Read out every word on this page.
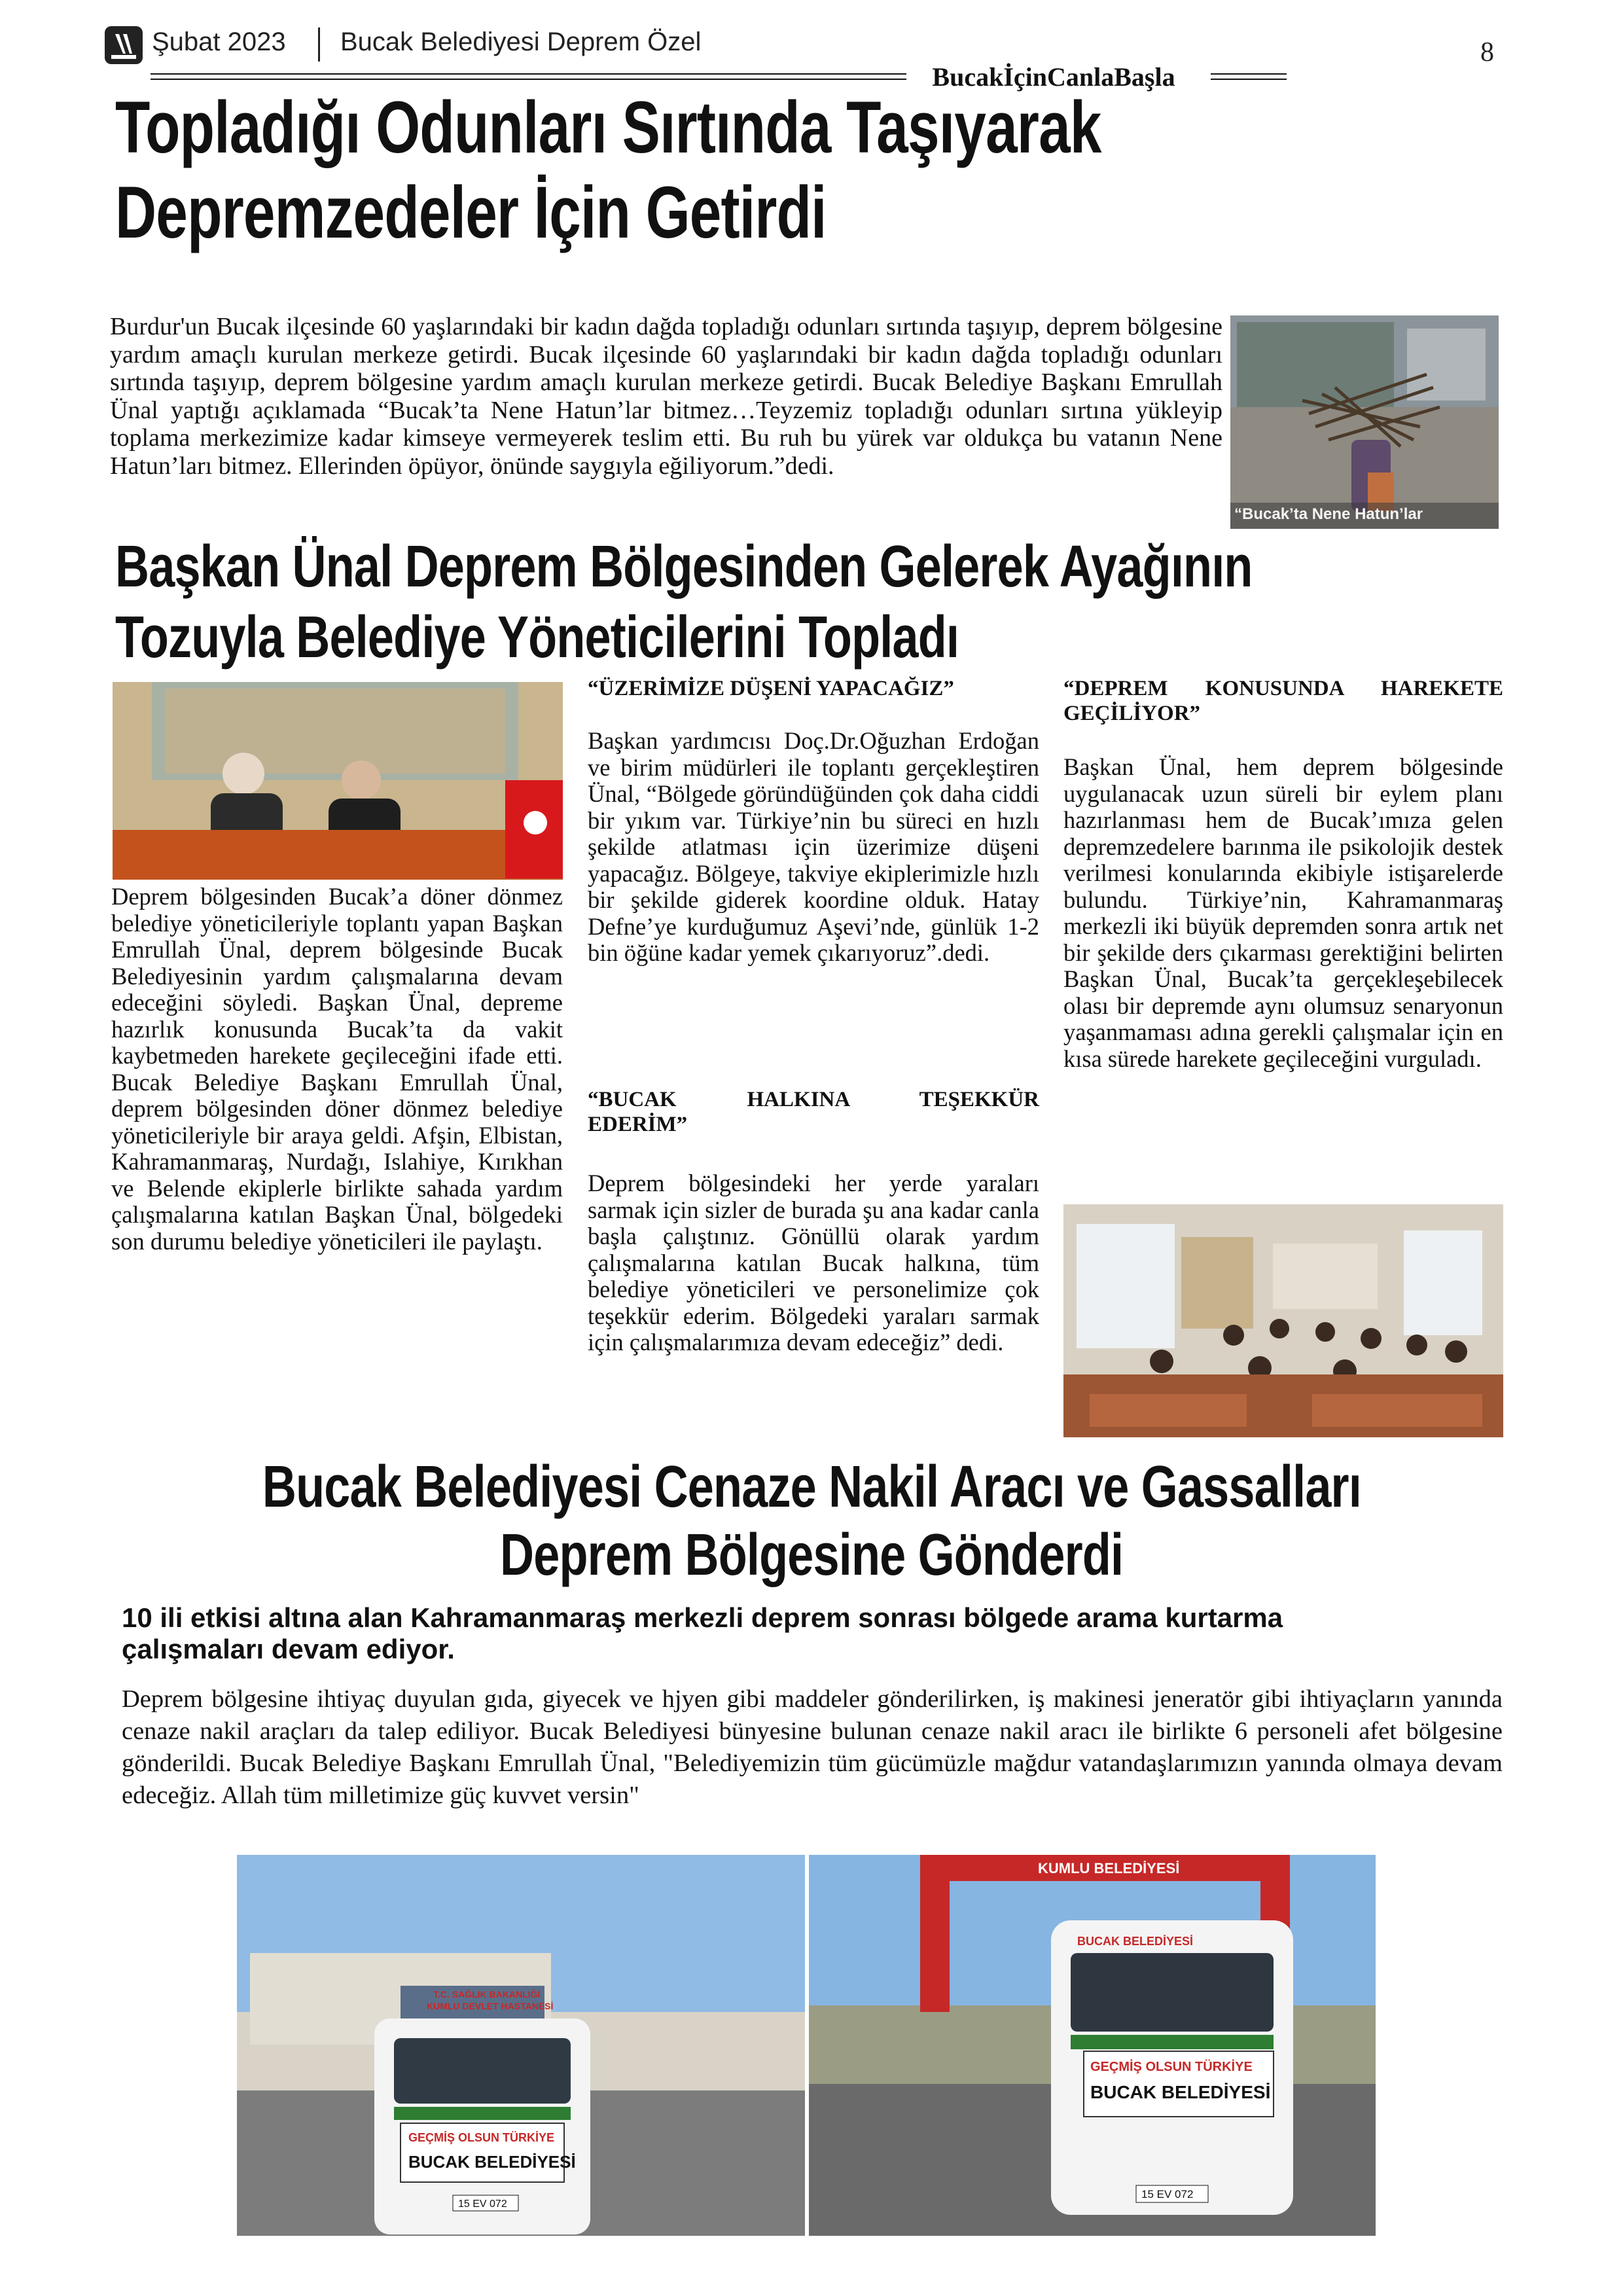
Şubat 2023 Bucak Belediyesi Deprem Özel	8
BucakİçinCanlaBaşla
Topladığı Odunları Sırtında Taşıyarak
Depremzedeler İçin Getirdi
Burdur'un Bucak ilçesinde 60 yaşlarındaki bir kadın dağda topladığı odunları sırtında taşıyıp, deprem bölgesine yardım amaçlı kurulan merkeze getirdi. Bucak ilçesinde 60 yaşlarındaki bir kadın dağda topladığı odunları sırtında taşıyıp, deprem bölgesine yardım amaçlı kurulan merkeze getirdi. Bucak Belediye Başkanı Emrullah Ünal yaptığı açıklamada “Bucak’ta Nene Hatun’lar bitmez…Teyzemiz topladığı odunları sırtına yükleyip toplama merkezimize kadar kimseye vermeyerek teslim etti. Bu ruh bu yürek var oldukça bu vatanın Nene Hatun’ları bitmez. Ellerinden öpüyor, önünde saygıyla eğiliyorum.”dedi.
“Bucak’ta Nene Hatun’lar
Başkan Ünal Deprem Bölgesinden Gelerek Ayağının
Tozuyla Belediye Yöneticilerini Topladı
Deprem bölgesinden Bucak’a döner dönmez belediye yöneticileriyle toplantı yapan Başkan Emrullah Ünal, deprem bölgesinde Bucak Belediyesinin yardım çalışmalarına devam edeceğini söyledi. Başkan Ünal, depreme hazırlık konusunda Bucak’ta da vakit kaybetmeden harekete geçileceğini ifade etti. Bucak Belediye Başkanı Emrullah Ünal, deprem bölgesinden döner dönmez belediye yöneticileriyle bir araya geldi. Afşin, Elbistan, Kahramanmaraş, Nurdağı, Islahiye, Kırıkhan ve Belende ekiplerle birlikte sahada yardım çalışmalarına katılan Başkan Ünal, bölgedeki son durumu belediye yöneticileri ile paylaştı.
“ÜZERİMİZE DÜŞENİ YAPACAĞIZ”
Başkan yardımcısı Doç.Dr.Oğuzhan Erdoğan ve birim müdürleri ile toplantı gerçekleştiren Ünal, “Bölgede göründüğünden çok daha ciddi bir yıkım var. Türkiye’nin bu süreci en hızlı şekilde atlatması için üzerimize düşeni yapacağız. Bölgeye, takviye ekiplerimizle hızlı bir şekilde giderek koordine olduk. Hatay Defne’ye kurduğumuz Aşevi’nde, günlük 1-2 bin öğüne kadar yemek çıkarıyoruz”.dedi.
“BUCAK HALKINA TEŞEKKÜR
EDERİM”
Deprem bölgesindeki her yerde yaraları sarmak için sizler de burada şu ana kadar canla başla çalıştınız. Gönüllü olarak yardım çalışmalarına katılan Bucak halkına, tüm belediye yöneticileri ve personelimize çok teşekkür ederim. Bölgedeki yaraları sarmak için çalışmalarımıza devam edeceğiz” dedi.
“DEPREM KONUSUNDA HAREKETE
GEÇİLİYOR”
Başkan Ünal, hem deprem bölgesinde uygulanacak uzun süreli bir eylem planı hazırlanması hem de Bucak’ımıza gelen depremzedelere barınma ile psikolojik destek verilmesi konularında ekibiyle istişarelerde bulundu. Türkiye’nin, Kahramanmaraş merkezli iki büyük depremden sonra artık net bir şekilde ders çıkarması gerektiğini belirten Başkan Ünal, Bucak’ta gerçekleşebilecek olası bir depremde aynı olumsuz senaryonun yaşanmaması adına gerekli çalışmalar için en kısa sürede harekete geçileceğini vurguladı.
Bucak Belediyesi Cenaze Nakil Aracı ve Gassalları
Deprem Bölgesine Gönderdi
10 ili etkisi altına alan Kahramanmaraş merkezli deprem sonrası bölgede arama kurtarma çalışmaları devam ediyor.
Deprem bölgesine ihtiyaç duyulan gıda, giyecek ve hjyen gibi maddeler gönderilirken, iş makinesi jeneratör gibi ihtiyaçların yanında cenaze nakil araçları da talep ediliyor. Bucak Belediyesi bünyesine bulunan cenaze nakil aracı ile birlikte 6 personeli afet bölgesine gönderildi. Bucak Belediye Başkanı Emrullah Ünal, "Belediyemizin tüm gücümüzle mağdur vatandaşlarımızın yanında olmaya devam edeceğiz. Allah tüm milletimize güç kuvvet versin"
T.C. SAĞLIK BAKANLIĞI
KUMLU DEVLET HASTANESİ
GEÇMİŞ OLSUN TÜRKİYE
BUCAK BELEDİYESİ
15 EV 072
KUMLU BELEDİYESİ
BUCAK BELEDİYESİ
GEÇMİŞ OLSUN TÜRKİYE
BUCAK BELEDİYESİ
15 EV 072
